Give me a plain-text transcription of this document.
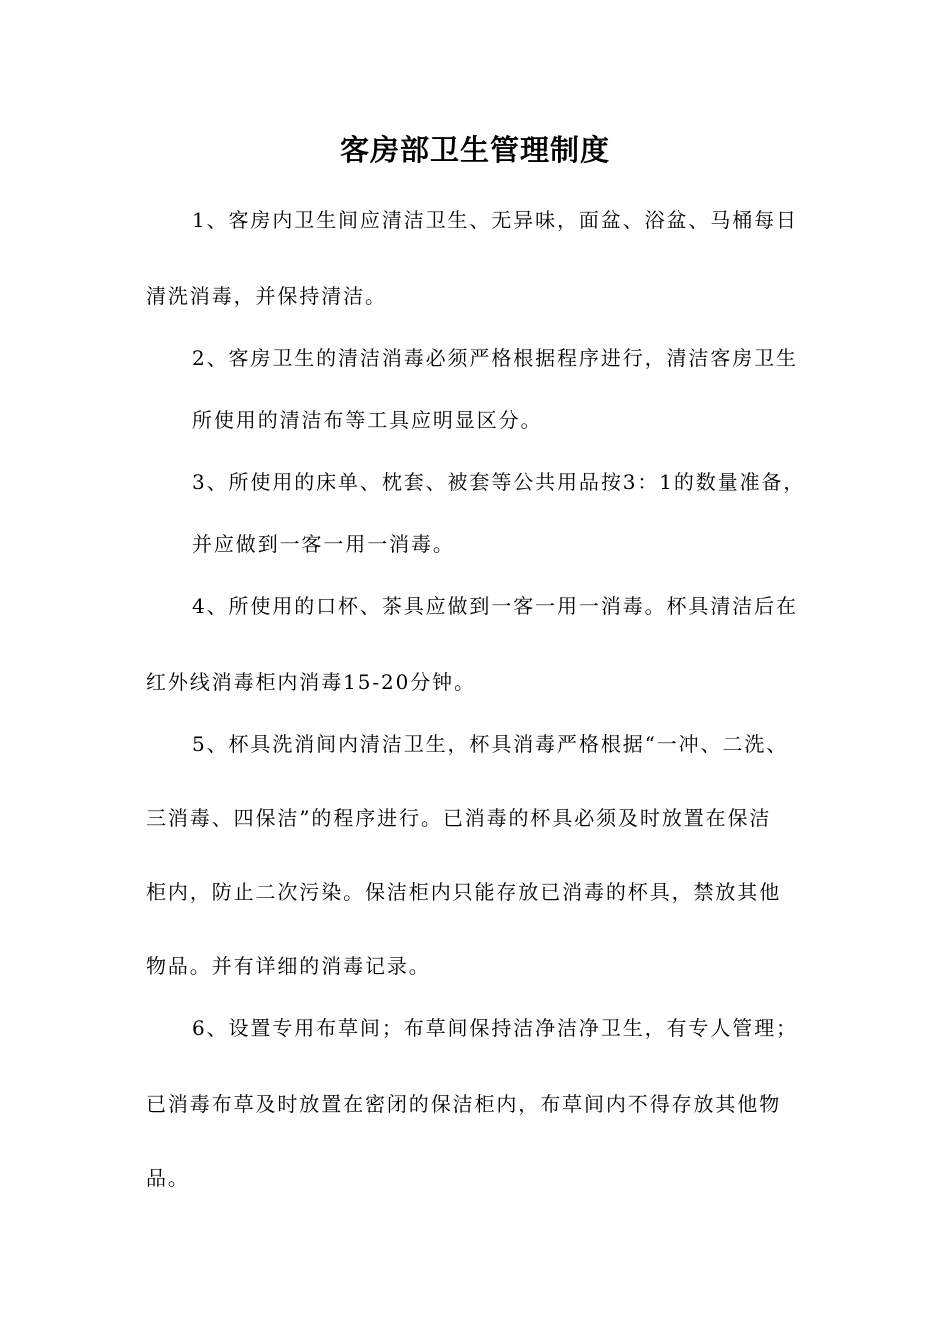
客房部卫生管理制度
1、客房内卫生间应清洁卫生、无异味，面盆、浴盆、马桶每日
清洗消毒，并保持清洁。
2、客房卫生的清洁消毒必须严格根据程序进行，清洁客房卫生
所使用的清洁布等工具应明显区分。
3、所使用的床单、枕套、被套等公共用品按3：1的数量准备，
并应做到一客一用一消毒。
4、所使用的口杯、茶具应做到一客一用一消毒。杯具清洁后在
红外线消毒柜内消毒15-20分钟。
5、杯具洗消间内清洁卫生，杯具消毒严格根据“一冲、二洗、
三消毒、四保洁”的程序进行。已消毒的杯具必须及时放置在保洁
柜内，防止二次污染。保洁柜内只能存放已消毒的杯具，禁放其他
物品。并有详细的消毒记录。
6、设置专用布草间；布草间保持洁净洁净卫生，有专人管理；
已消毒布草及时放置在密闭的保洁柜内，布草间内不得存放其他物
品。
